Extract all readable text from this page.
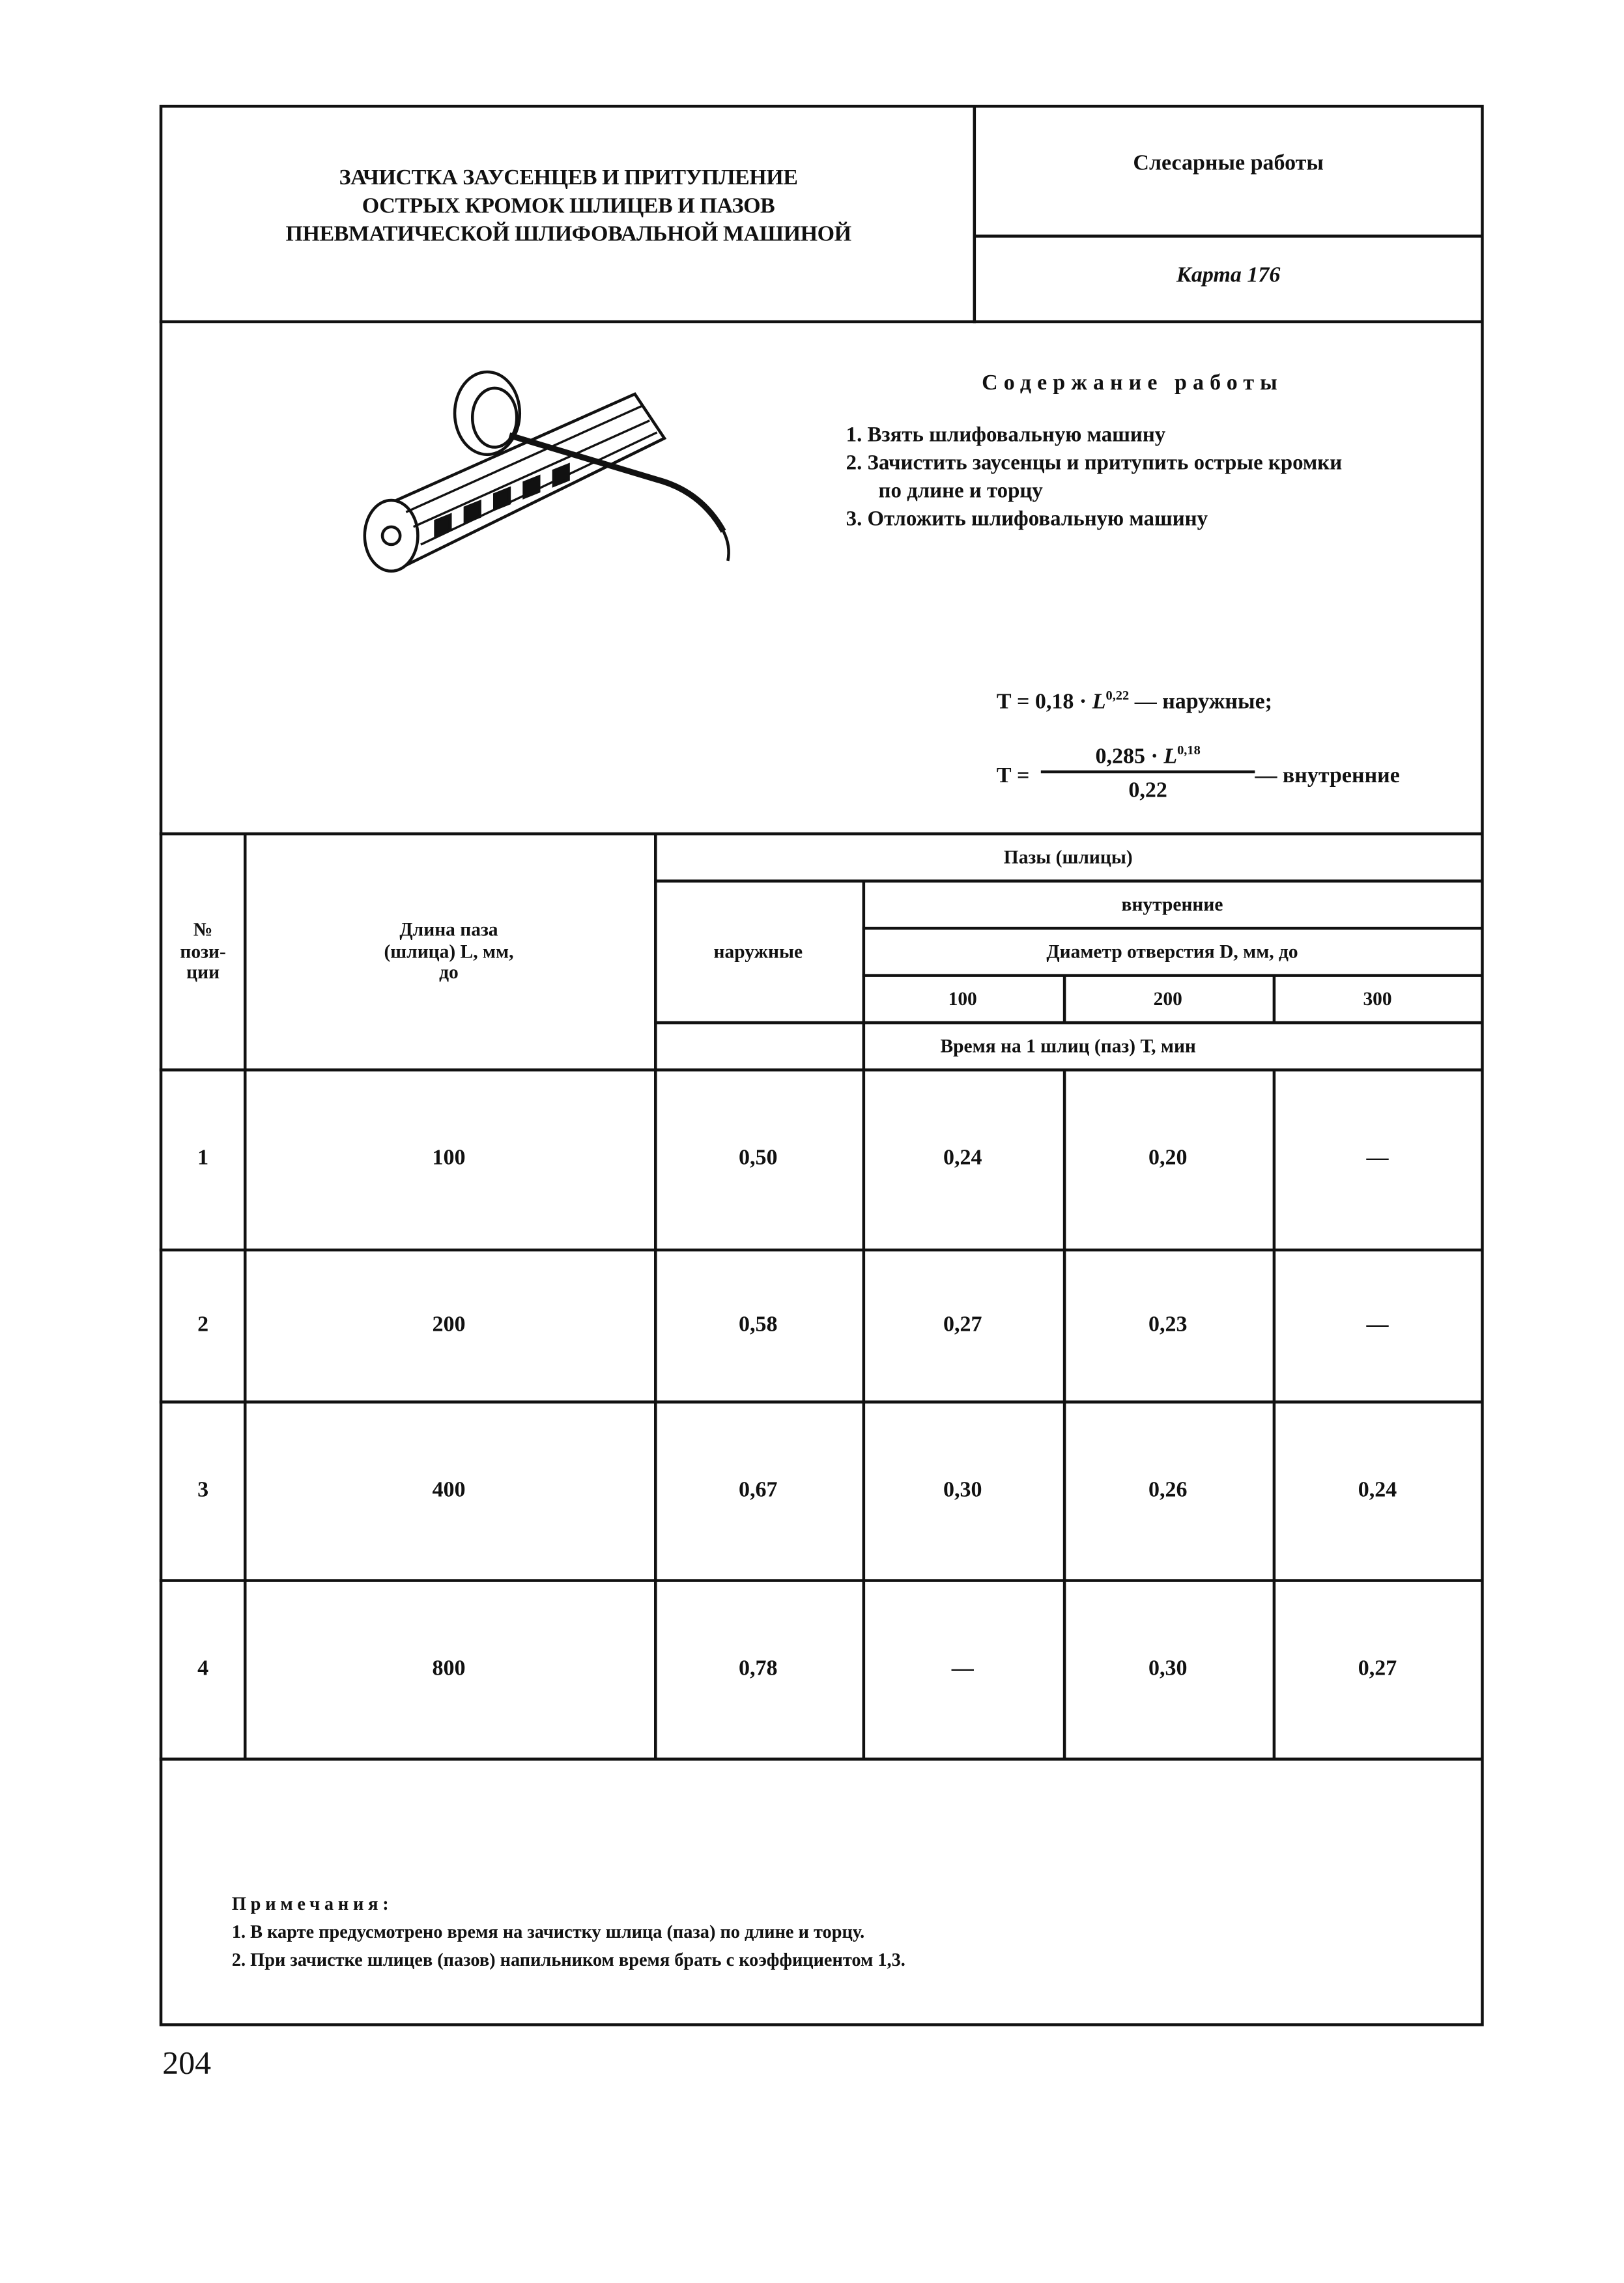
ЗАЧИСТКА ЗАУСЕНЦЕВ И ПРИТУПЛЕНИЕ
ОСТРЫХ КРОМОК ШЛИЦЕВ И ПАЗОВ
ПНЕВМАТИЧЕСКОЙ ШЛИФОВАЛЬНОЙ МАШИНОЙ
Слесарные работы
Карта 176
Содержание работы
1. Взять шлифовальную машину
2. Зачистить заусенцы и притупить острые кромки
по длине и торцу
3. Отложить шлифовальную машину
Т = 0,18 · L$^{0,22}$ — наружные;
Т =
0,285 · L$^{0,18}$
0,22
— внутренние
№ пози-ции
Длина паза (шлица) L, мм, до
Пазы (шлицы)
наружные
внутренние
Диаметр отверстия D, мм, до
100	200	300
Время на 1 шлиц (паз) Т, мин
1	100	0,50	0,24	0,20	—
2	200	0,58	0,27	0,23	—
3	400	0,67	0,30	0,26	0,24
4	800	0,78	—	0,30	0,27
Примечания:
1. В карте предусмотрено время на зачистку шлица (паза) по длине и торцу.
2. При зачистке шлицев (пазов) напильником время брать с коэффициентом 1,3.
204
